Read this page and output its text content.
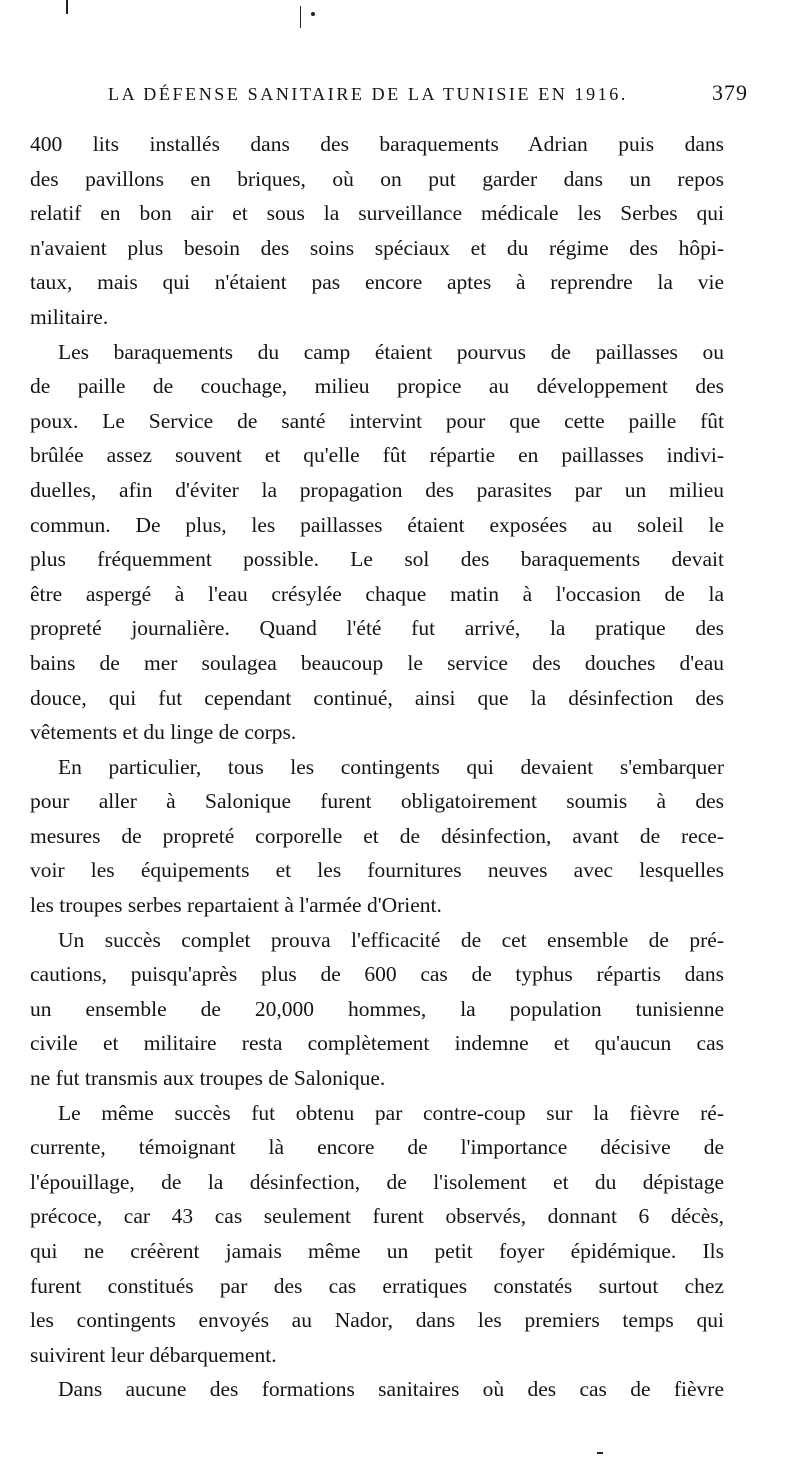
LA DÉFENSE SANITAIRE DE LA TUNISIE EN 1916.	379
400 lits installés dans des baraquements Adrian puis dans
des pavillons en briques, où on put garder dans un repos
relatif en bon air et sous la surveillance médicale les Serbes qui
n'avaient plus besoin des soins spéciaux et du régime des hôpi-
taux, mais qui n'étaient pas encore aptes à reprendre la vie
militaire.
Les baraquements du camp étaient pourvus de paillasses ou
de paille de couchage, milieu propice au développement des
poux. Le Service de santé intervint pour que cette paille fût
brûlée assez souvent et qu'elle fût répartie en paillasses indivi-
duelles, afin d'éviter la propagation des parasites par un milieu
commun. De plus, les paillasses étaient exposées au soleil le
plus fréquemment possible. Le sol des baraquements devait
être aspergé à l'eau crésylée chaque matin à l'occasion de la
propreté journalière. Quand l'été fut arrivé, la pratique des
bains de mer soulagea beaucoup le service des douches d'eau
douce, qui fut cependant continué, ainsi que la désinfection des
vêtements et du linge de corps.
En particulier, tous les contingents qui devaient s'embarquer
pour aller à Salonique furent obligatoirement soumis à des
mesures de propreté corporelle et de désinfection, avant de rece-
voir les équipements et les fournitures neuves avec lesquelles
les troupes serbes repartaient à l'armée d'Orient.
Un succès complet prouva l'efficacité de cet ensemble de pré-
cautions, puisqu'après plus de 600 cas de typhus répartis dans
un ensemble de 20,000 hommes, la population tunisienne
civile et militaire resta complètement indemne et qu'aucun cas
ne fut transmis aux troupes de Salonique.
Le même succès fut obtenu par contre-coup sur la fièvre ré-
currente, témoignant là encore de l'importance décisive de
l'épouillage, de la désinfection, de l'isolement et du dépistage
précoce, car 43 cas seulement furent observés, donnant 6 décès,
qui ne créèrent jamais même un petit foyer épidémique. Ils
furent constitués par des cas erratiques constatés surtout chez
les contingents envoyés au Nador, dans les premiers temps qui
suivirent leur débarquement.
Dans aucune des formations sanitaires où des cas de fièvre
